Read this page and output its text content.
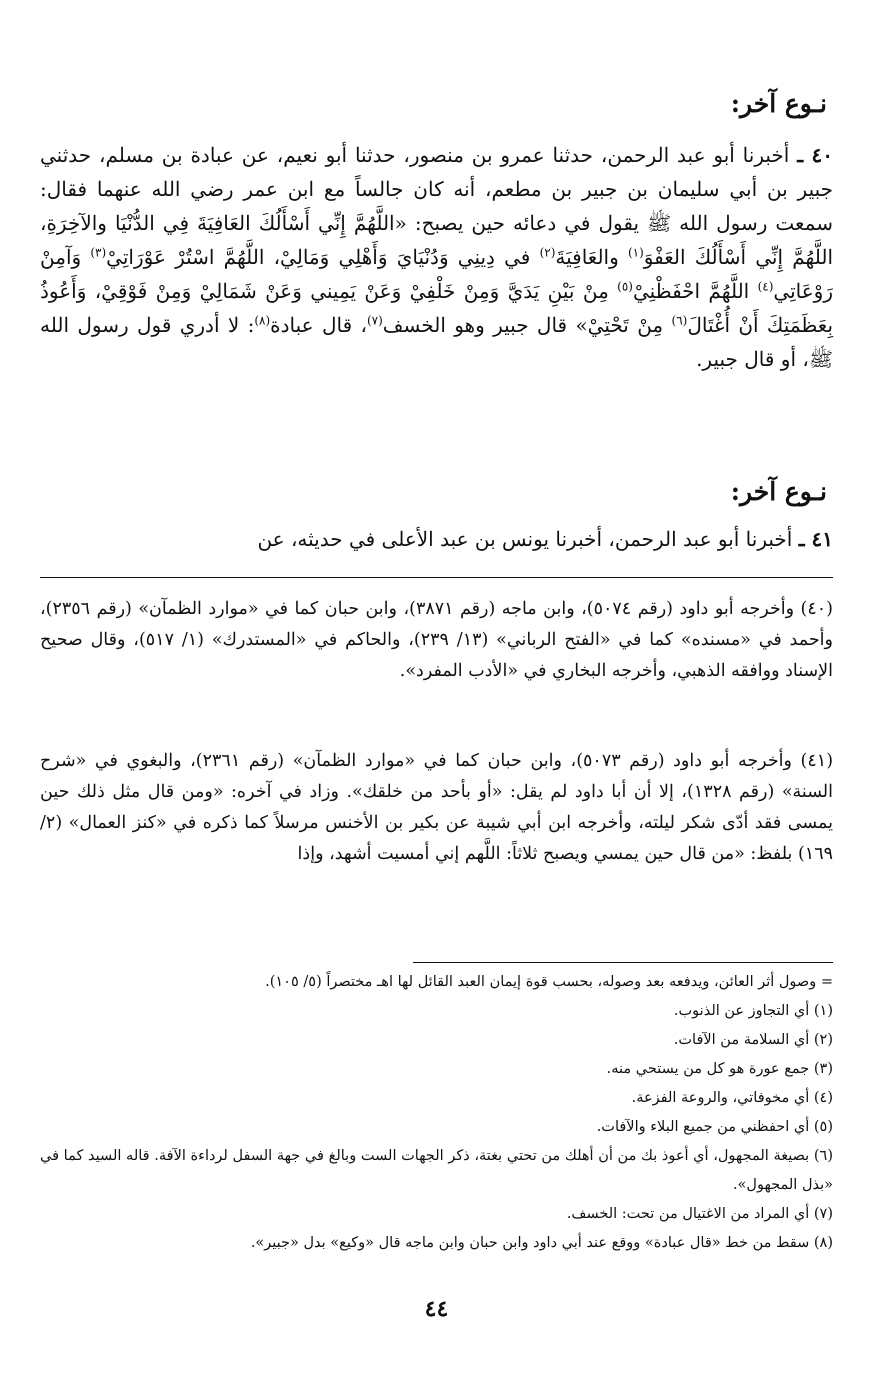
نـوع آخر:
٤٠ ـ أخبرنا أبو عبد الرحمن، حدثنا عمرو بن منصور، حدثنا أبو نعيم، عن عبادة بن مسلم، حدثني جبير بن أبي سليمان بن جبير بن مطعم، أنه كان جالساً مع ابن عمر رضي الله عنهما فقال: سمعت رسول الله ﷺ يقول في دعائه حين يصبح: «اللَّهُمَّ إِنِّي أَسْأَلُكَ العَافِيَةَ فِي الدُّنْيَا والآخِرَةِ، اللَّهُمَّ إِنِّي أَسْأَلُكَ العَفْوَ$^{(١)}$ والعَافِيَةَ$^{(٢)}$ في دِينِي وَدُنْيَايَ وَأَهْلِي وَمَالِيْ، اللَّهُمَّ اسْتُرْ عَوْرَاتِيْ$^{(٣)}$ وَآمِنْ رَوْعَاتِي$^{(٤)}$ اللَّهُمَّ احْفَظْنِيْ$^{(٥)}$ مِنْ بَيْنِ يَدَيَّ وَمِنْ خَلْفِيْ وَعَنْ يَمِيني وَعَنْ شَمَالِيْ وَمِنْ فَوْقِيْ، وَأَعُوذُ بِعَظَمَتِكَ أَنْ أُغْتَالَ$^{(٦)}$ مِنْ تَحْتِيْ» قال جبير وهو الخسف$^{(٧)}$، قال عبادة$^{(٨)}$: لا أدري قول رسول الله ﷺ، أو قال جبير.
نـوع آخر:
٤١ ـ أخبرنا أبو عبد الرحمن، أخبرنا يونس بن عبد الأعلى في حديثه، عن
(٤٠) وأخرجه أبو داود (رقم ٥٠٧٤)، وابن ماجه (رقم ٣٨٧١)، وابن حبان كما في «موارد الظمآن» (رقم ٢٣٥٦)، وأحمد في «مسنده» كما في «الفتح الرباني» (١٣/ ٢٣٩)، والحاكم في «المستدرك» (١/ ٥١٧)، وقال صحيح الإسناد ووافقه الذهبي، وأخرجه البخاري في «الأدب المفرد».
(٤١) وأخرجه أبو داود (رقم ٥٠٧٣)، وابن حبان كما في «موارد الظمآن» (رقم ٢٣٦١)، والبغوي في «شرح السنة» (رقم ١٣٢٨)، إلا أن أبا داود لم يقل: «أو بأحد من خلقك». وزاد في آخره: «ومن قال مثل ذلك حين يمسى فقد أدّى شكر ليلته، وأخرجه ابن أبي شيبة عن بكير بن الأخنس مرسلاً كما ذكره في «كنز العمال» (٢/ ١٦٩) بلفظ: «من قال حين يمسي ويصبح ثلاثاً: اللَّهم إني أمسيت أشهد، وإذا
= وصول أثر العائن، ويدفعه بعد وصوله، بحسب قوة إيمان العبد القائل لها اهـ مختصراً (٥/ ١٠٥).
(١) أي التجاوز عن الذنوب.
(٢) أي السلامة من الآفات.
(٣) جمع عورة هو كل من يستحي منه.
(٤) أي مخوفاتي، والروعة الفزعة.
(٥) أي احفظني من جميع البلاء والآفات.
(٦) بصيغة المجهول، أي أعوذ بك من أن أهلك من تحتي بغتة، ذكر الجهات الست وبالغ في جهة السفل لرداءة الآفة. قاله السيد كما في «بذل المجهول».
(٧) أي المراد من الاغتيال من تحت: الخسف.
(٨) سقط من خط «قال عبادة» ووقع عند أبي داود وابن حبان وابن ماجه قال «وكيع» بدل «جبير».
٤٤
